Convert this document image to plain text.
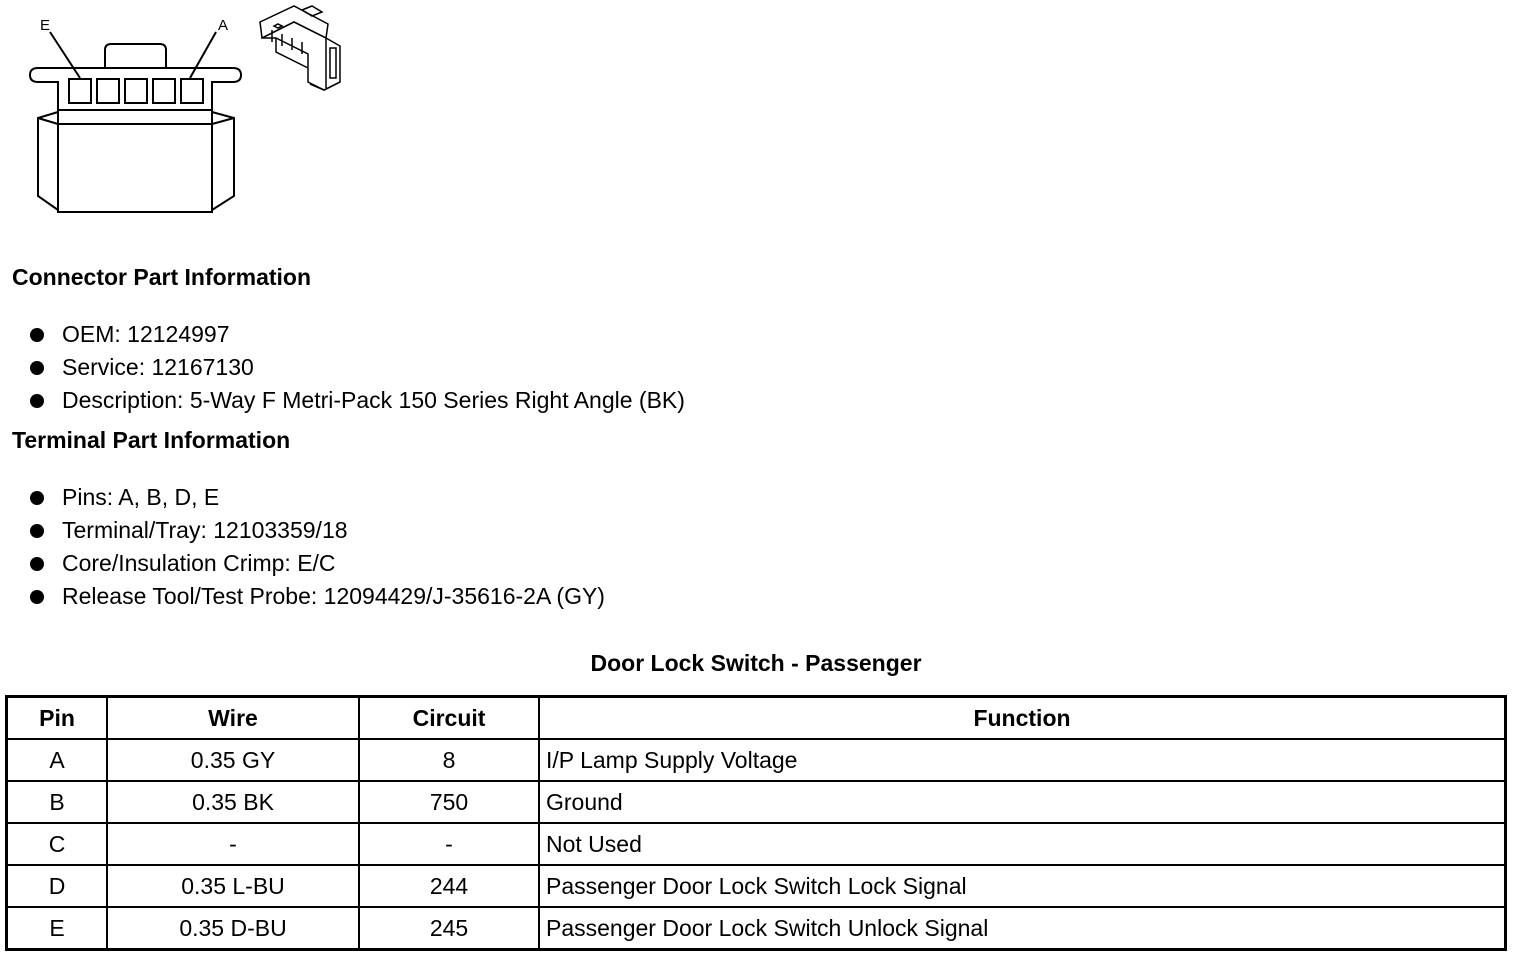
E	A
Connector Part Information
OEM: 12124997
Service: 12167130
Description: 5-Way F Metri-Pack 150 Series Right Angle (BK)
Terminal Part Information
Pins: A, B, D, E
Terminal/Tray: 12103359/18
Core/Insulation Crimp: E/C
Release Tool/Test Probe: 12094429/J-35616-2A (GY)
Door Lock Switch - Passenger
Pin	Wire	Circuit	Function
A	0.35 GY	8	I/P Lamp Supply Voltage
B	0.35 BK	750	Ground
C	-	-	Not Used
D	0.35 L-BU	244	Passenger Door Lock Switch Lock Signal
E	0.35 D-BU	245	Passenger Door Lock Switch Unlock Signal
